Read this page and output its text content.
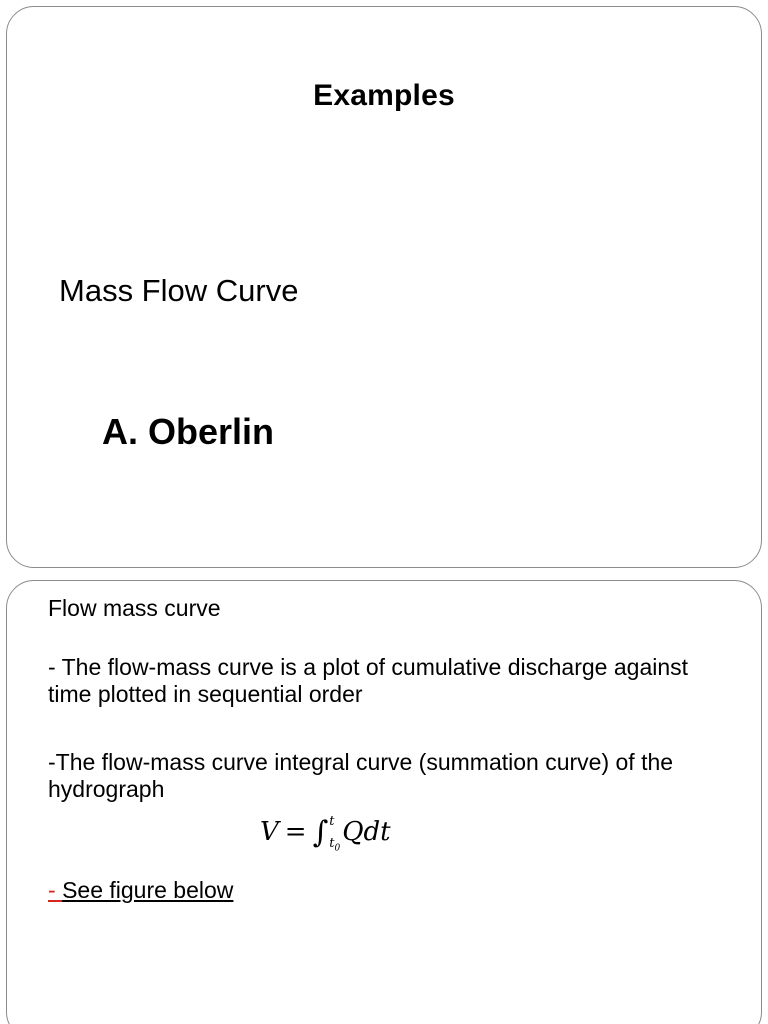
Examples
Mass Flow Curve
A. Oberlin
Flow mass curve
- The flow-mass curve is a plot of cumulative discharge against time plotted in sequential order
-The flow-mass curve integral curve (summation curve) of the hydrograph
V = ∫ t
$t_0$
Qdt
- See figure below
